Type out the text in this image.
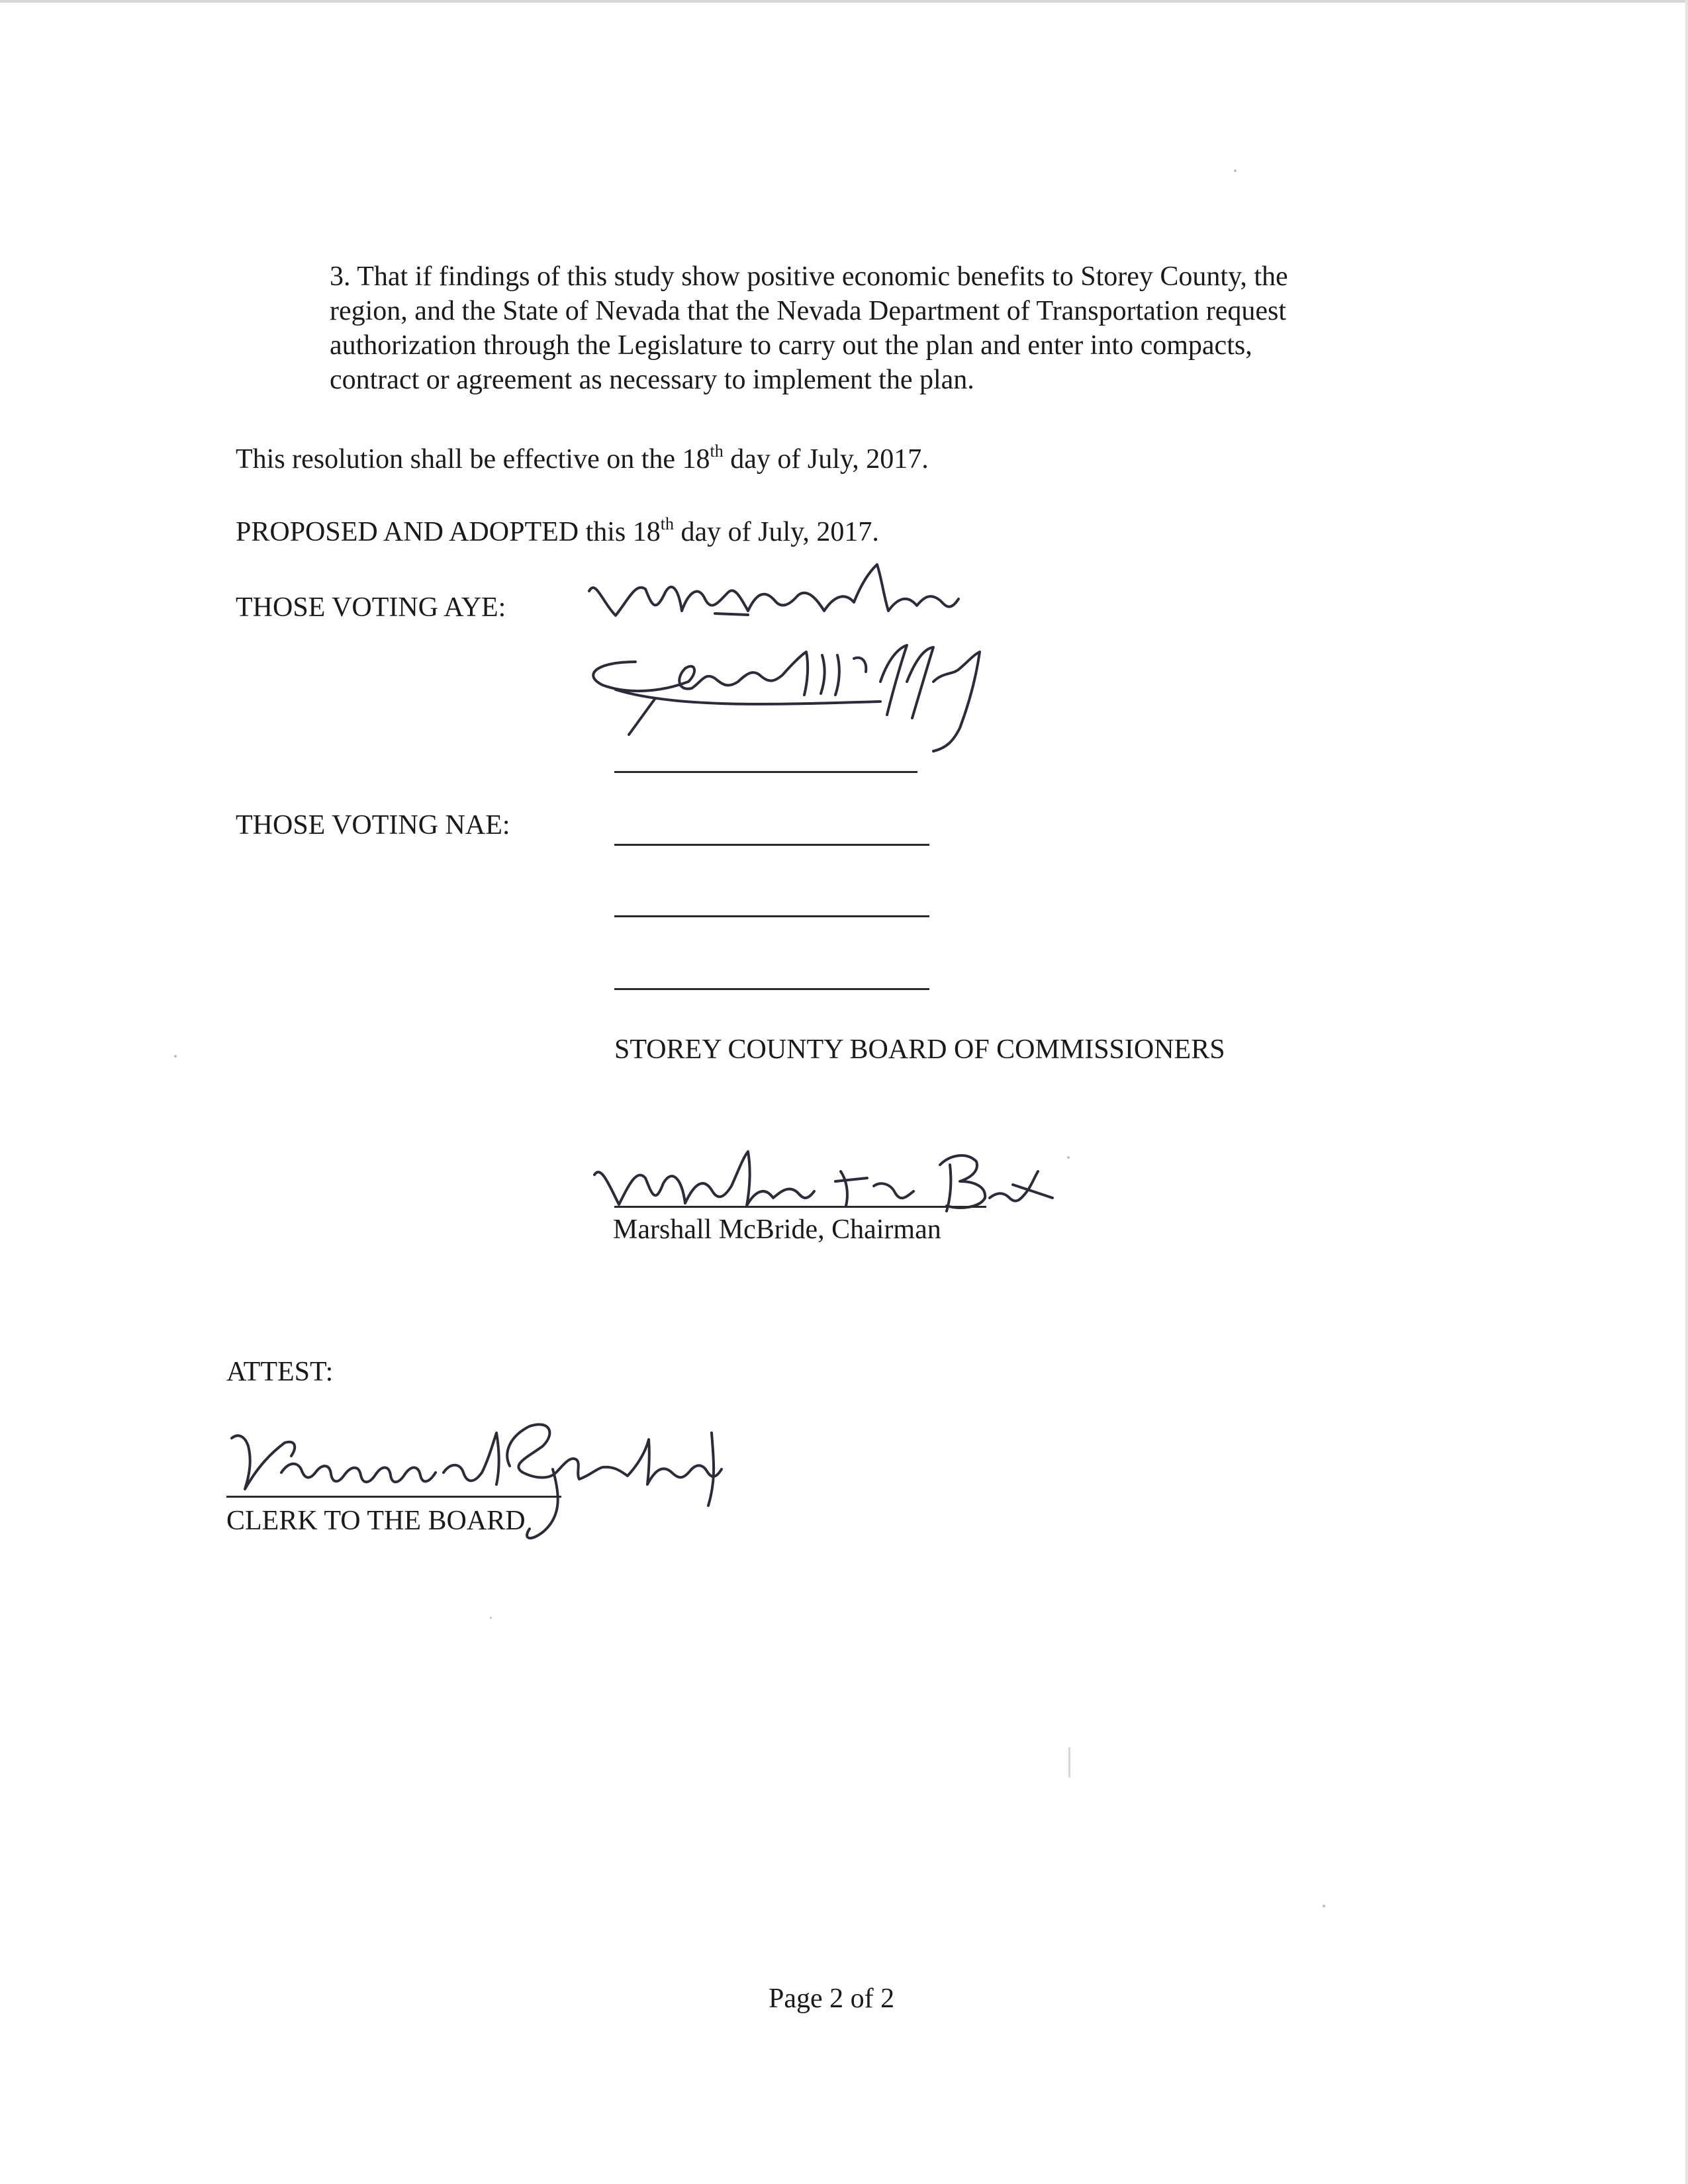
3. That if findings of this study show positive economic benefits to Storey County, the
region, and the State of Nevada that the Nevada Department of Transportation request
authorization through the Legislature to carry out the plan and enter into compacts,
contract or agreement as necessary to implement the plan.
This resolution shall be effective on the 18th day of July, 2017.
PROPOSED AND ADOPTED this 18th day of July, 2017.
THOSE VOTING AYE:
THOSE VOTING NAE:
STOREY COUNTY BOARD OF COMMISSIONERS
Marshall McBride, Chairman
ATTEST:
CLERK TO THE BOARD
Page 2 of 2
